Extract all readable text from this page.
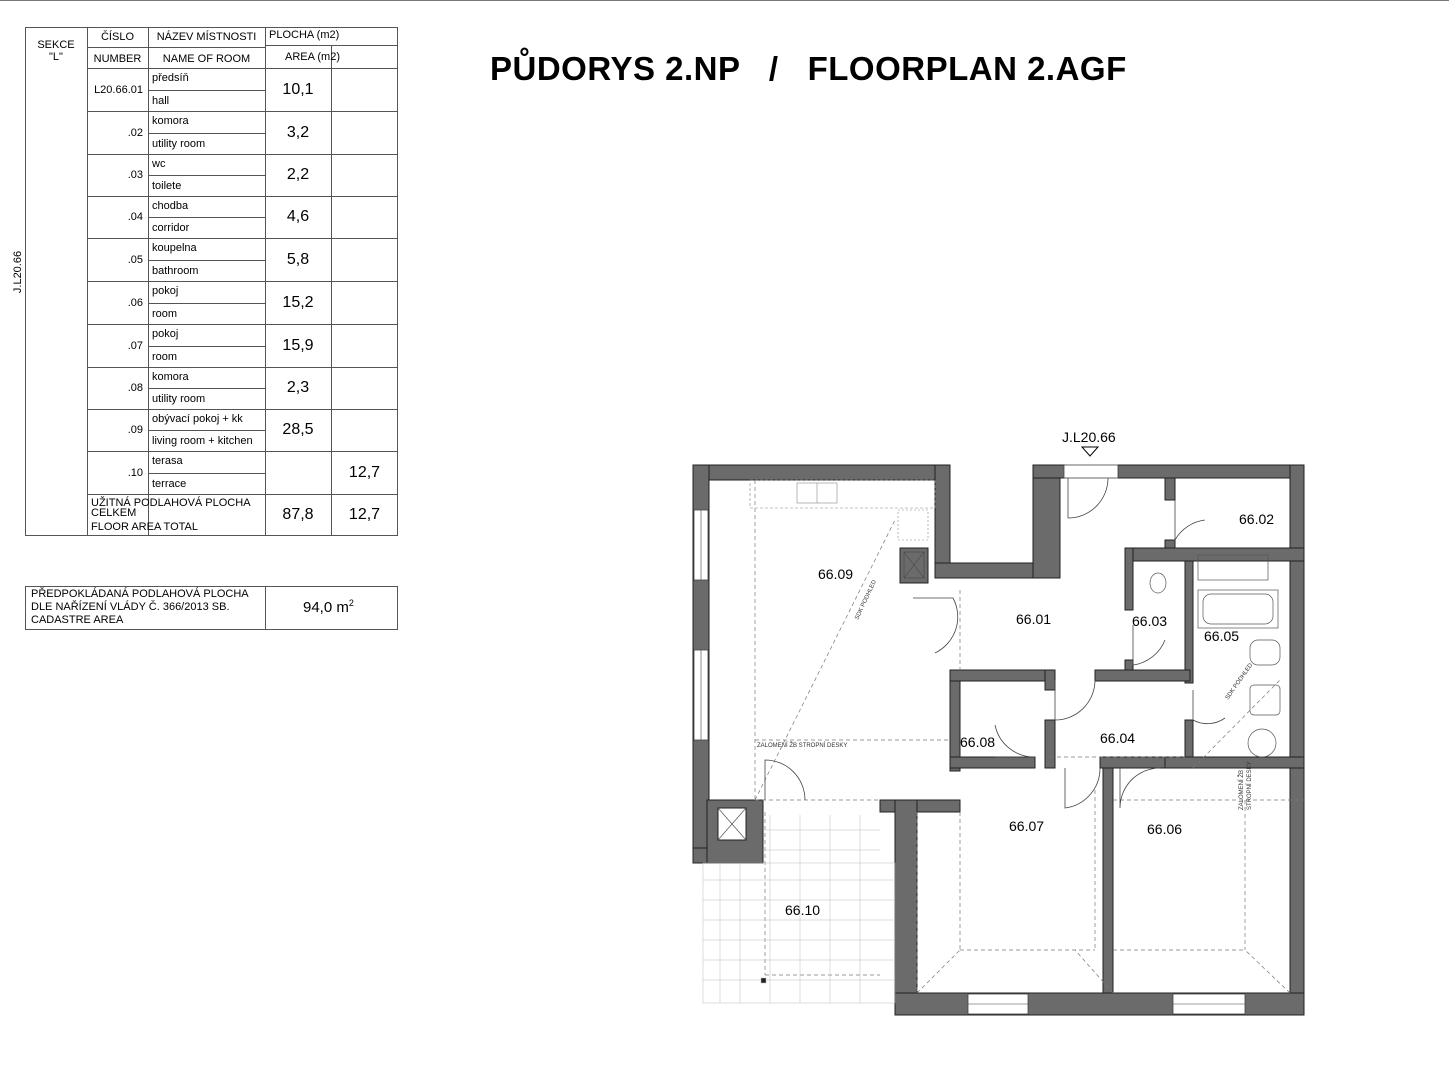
SEKCE
"L"
ČÍSLO
NUMBER
NÁZEV MÍSTNOSTI
NAME OF ROOM
PLOCHA (m2)
AREA (m2)
J.L20.66
L20.66.01
předsíň
hall
10,1
.02
komora
utility room
3,2
.03
wc
toilete
2,2
.04
chodba
corridor
4,6
.05
koupelna
bathroom
5,8
.06
pokoj
room
15,2
.07
pokoj
room
15,9
.08
komora
utility room
2,3
.09
obývací pokoj + kk
living room + kitchen
28,5
.10
terasa
terrace
12,7
UŽITNÁ PODLAHOVÁ PLOCHA
CELKEM
FLOOR AREA TOTAL
87,8	12,7
PŘEDPOKLÁDANÁ PODLAHOVÁ PLOCHA
DLE NAŘÍZENÍ VLÁDY Č. 366/2013 SB.
CADASTRE AREA
94,0 $m^2$
PŮDORYS 2.NP   /   FLOORPLAN 2.AGF
J.L20.66
66.01
66.02
66.03
66.04
66.05
66.06
66.07
66.08
66.09
66.10
SDK PODHLED
SDK PODHLED
ZALOMENÍ ŽB STROPNÍ DESKY
ZALOMENÍ ŽB STROPNÍ DESKY
